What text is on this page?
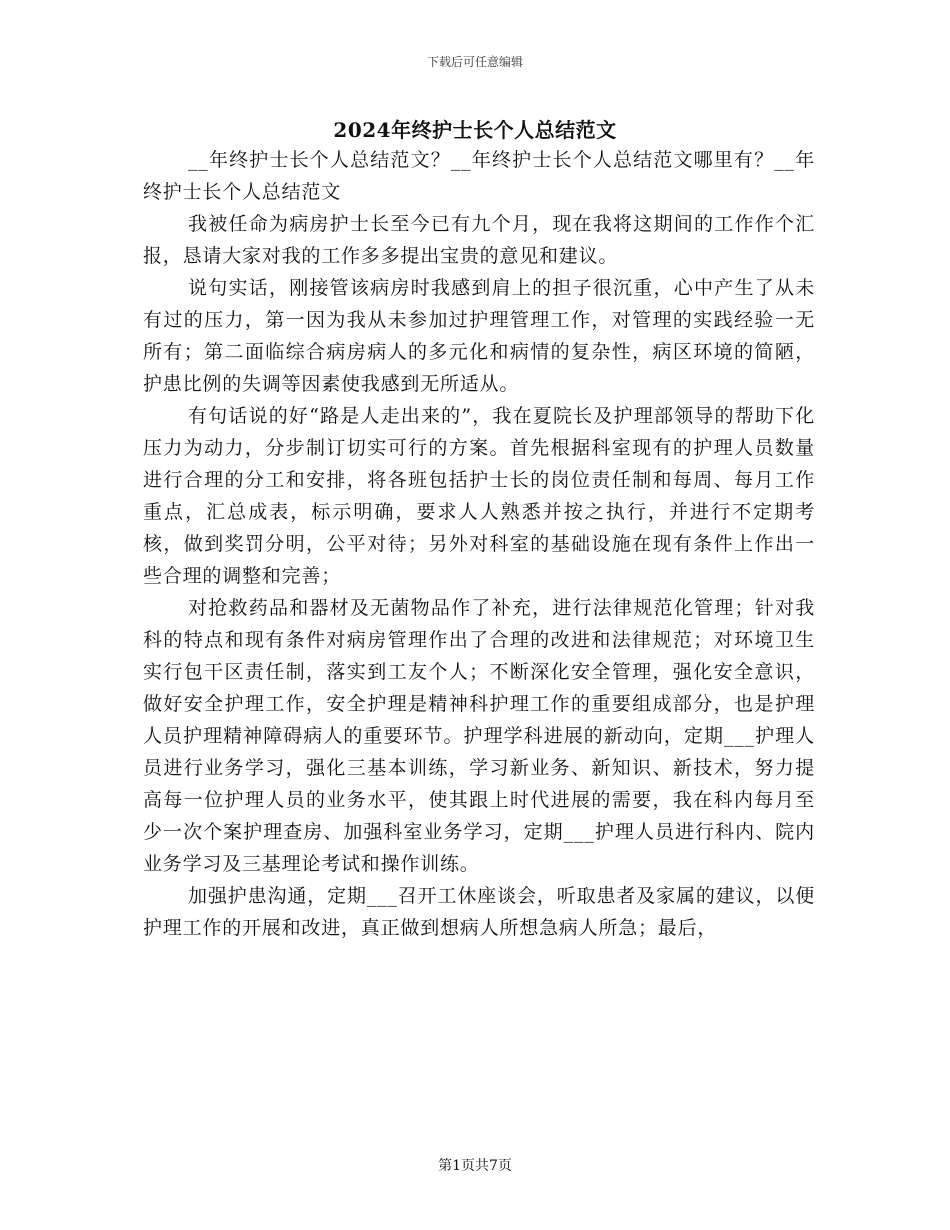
下载后可任意编辑
2024年终护士长个人总结范文

__年终护士长个人总结范文？__年终护士长个人总结范文哪里有？__年终护士长个人总结范文

我被任命为病房护士长至今已有九个月，现在我将这期间的工作作个汇报，恳请大家对我的工作多多提出宝贵的意见和建议。

说句实话，刚接管该病房时我感到肩上的担子很沉重，心中产生了从未有过的压力，第一因为我从未参加过护理管理工作，对管理的实践经验一无所有；第二面临综合病房病人的多元化和病情的复杂性，病区环境的简陋，护患比例的失调等因素使我感到无所适从。

有句话说的好“路是人走出来的”，我在夏院长及护理部领导的帮助下化压力为动力，分步制订切实可行的方案。首先根据科室现有的护理人员数量进行合理的分工和安排，将各班包括护士长的岗位责任制和每周、每月工作重点，汇总成表，标示明确，要求人人熟悉并按之执行，并进行不定期考核，做到奖罚分明，公平对待；另外对科室的基础设施在现有条件上作出一些合理的调整和完善；

对抢救药品和器材及无菌物品作了补充，进行法律规范化管理；针对我科的特点和现有条件对病房管理作出了合理的改进和法律规范；对环境卫生实行包干区责任制，落实到工友个人；不断深化安全管理，强化安全意识，做好安全护理工作，安全护理是精神科护理工作的重要组成部分，也是护理人员护理精神障碍病人的重要环节。护理学科进展的新动向，定期___护理人员进行业务学习，强化三基本训练，学习新业务、新知识、新技术，努力提高每一位护理人员的业务水平，使其跟上时代进展的需要，我在科内每月至少一次个案护理查房、加强科室业务学习，定期___护理人员进行科内、院内业务学习及三基理论考试和操作训练。

加强护患沟通，定期___召开工休座谈会，听取患者及家属的建议，以便护理工作的开展和改进，真正做到想病人所想急病人所急；最后，

第1页共7页
